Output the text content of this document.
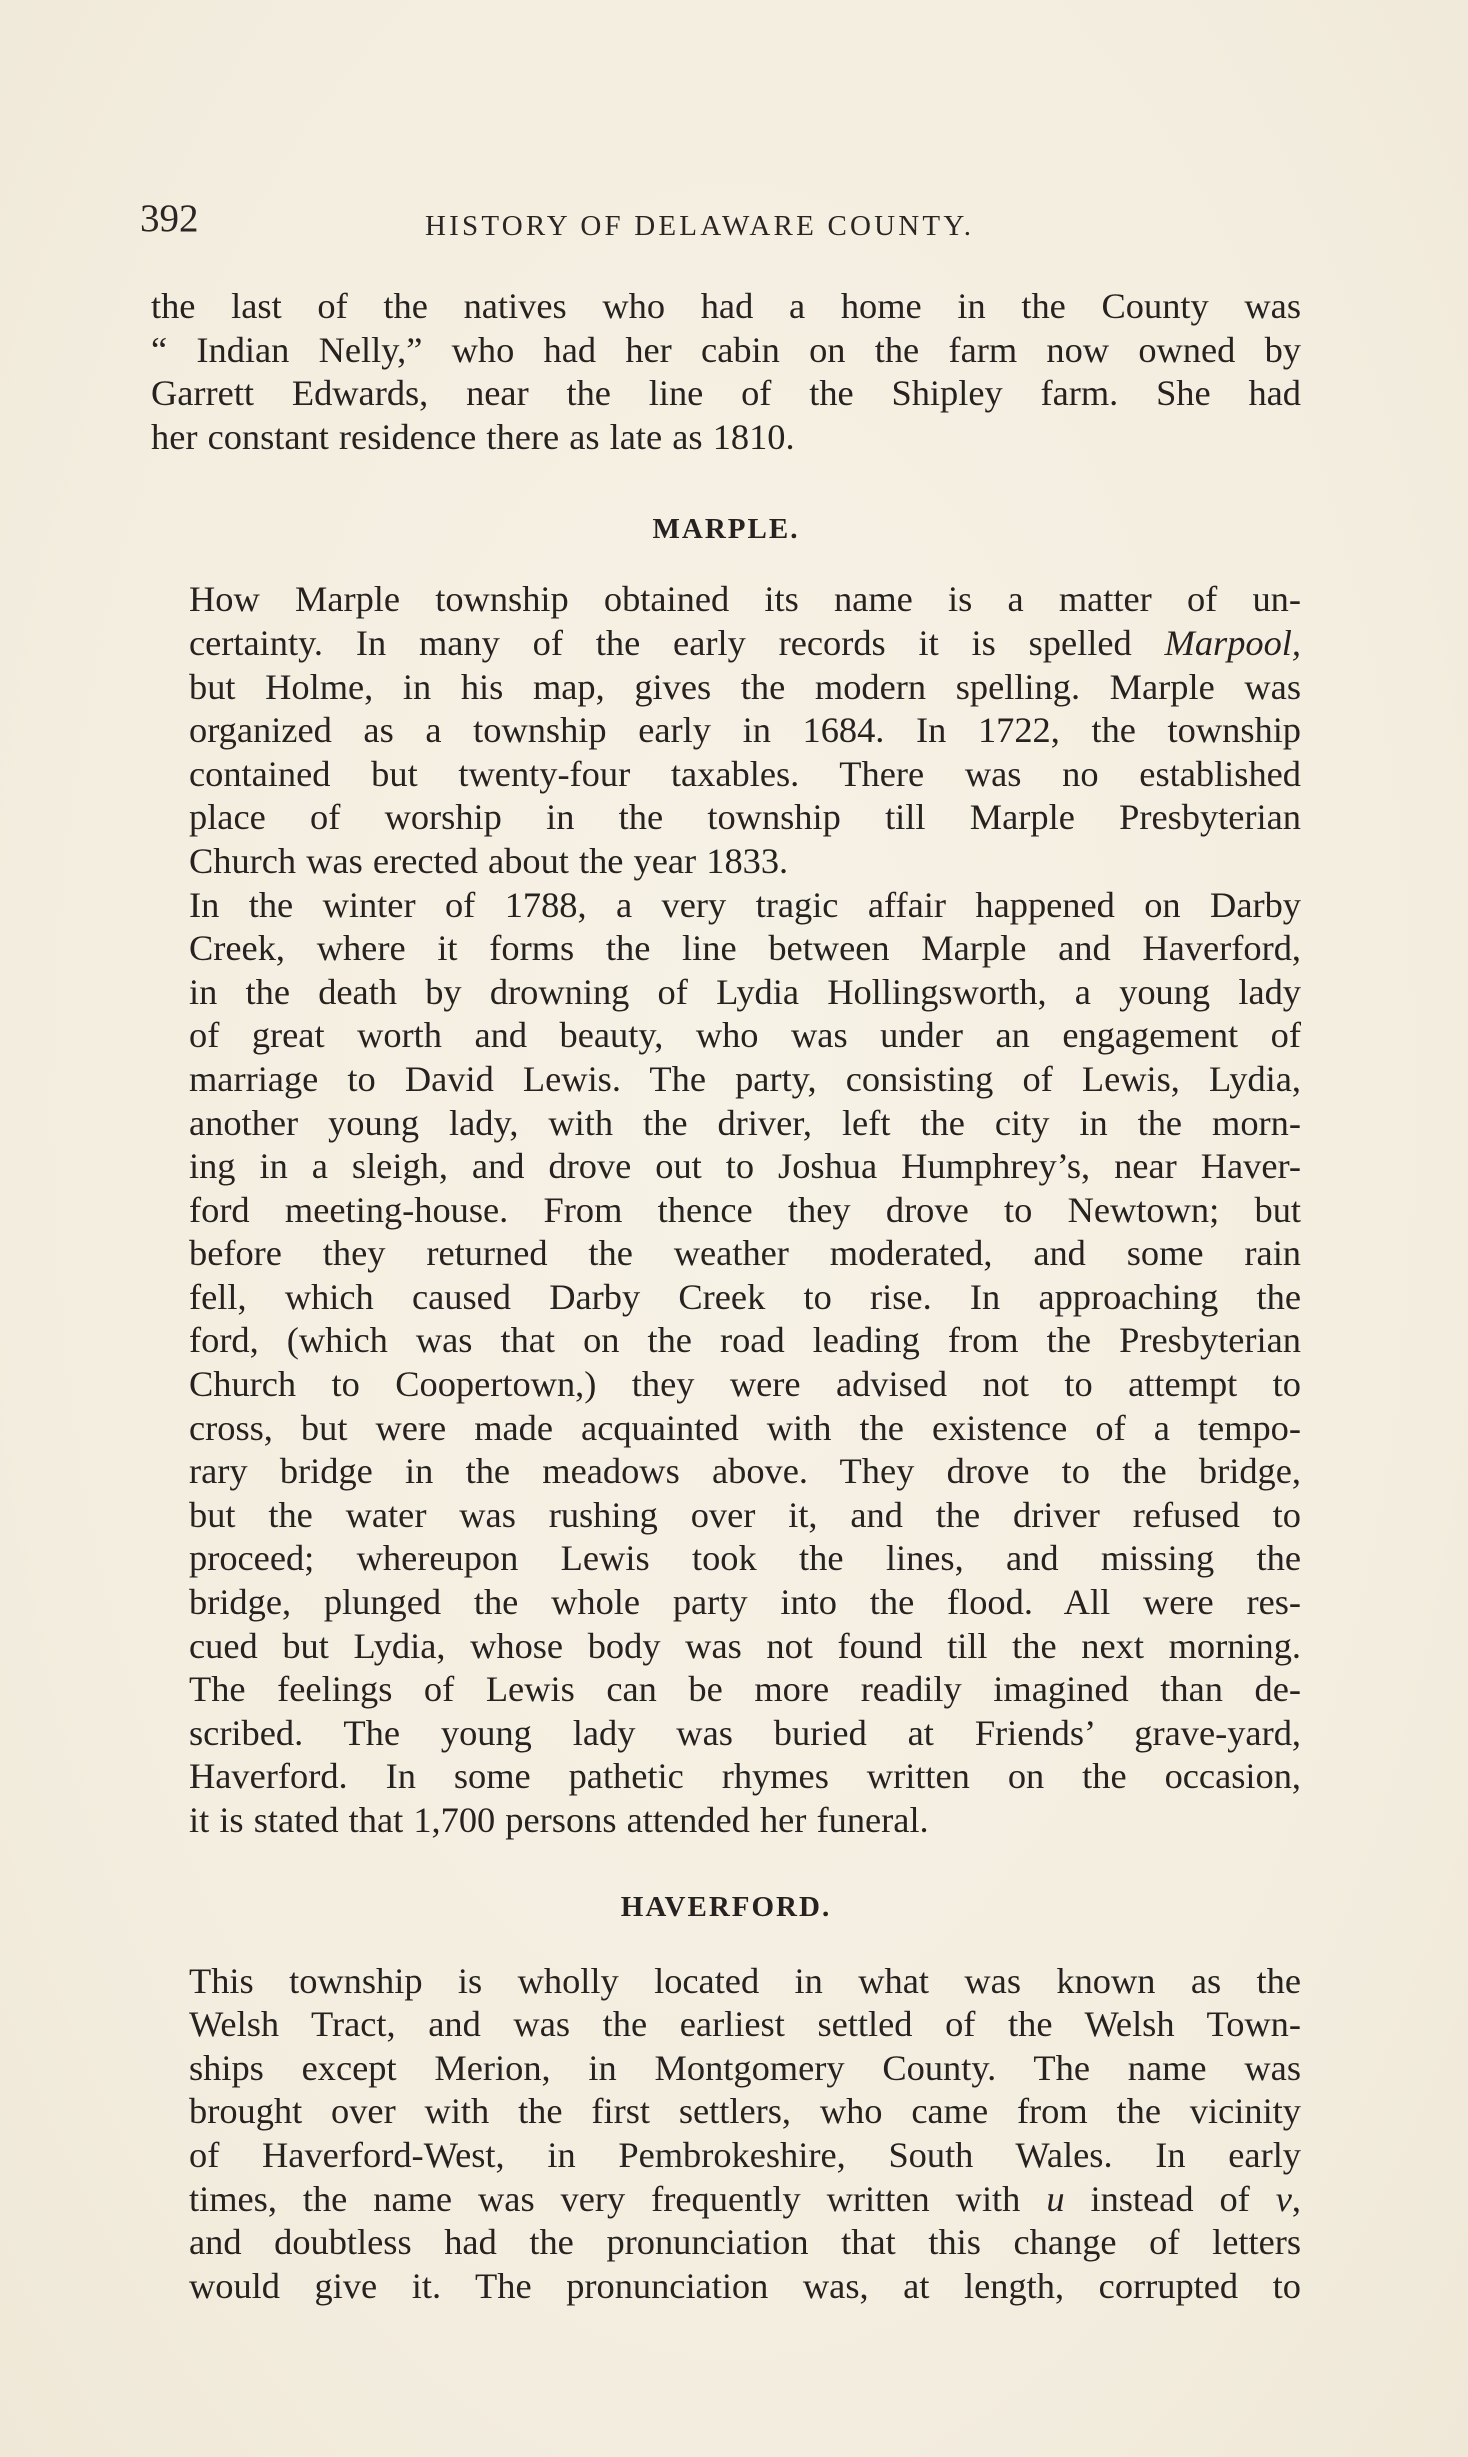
392	HISTORY OF DELAWARE COUNTY.

the last of the natives who had a home in the County was
“ Indian Nelly,” who had her cabin on the farm now owned by
Garrett Edwards, near the line of the Shipley farm. She had
her constant residence there as late as 1810.

MARPLE.

How Marple township obtained its name is a matter of un-
certainty. In many of the early records it is spelled Marpool,
but Holme, in his map, gives the modern spelling. Marple was
organized as a township early in 1684. In 1722, the township
contained but twenty-four taxables. There was no established
place of worship in the township till Marple Presbyterian
Church was erected about the year 1833.

In the winter of 1788, a very tragic affair happened on Darby
Creek, where it forms the line between Marple and Haverford,
in the death by drowning of Lydia Hollingsworth, a young lady
of great worth and beauty, who was under an engagement of
marriage to David Lewis. The party, consisting of Lewis, Lydia,
another young lady, with the driver, left the city in the morn-
ing in a sleigh, and drove out to Joshua Humphrey’s, near Haver-
ford meeting-house. From thence they drove to Newtown; but
before they returned the weather moderated, and some rain
fell, which caused Darby Creek to rise. In approaching the
ford, (which was that on the road leading from the Presbyterian
Church to Coopertown,) they were advised not to attempt to
cross, but were made acquainted with the existence of a tempo-
rary bridge in the meadows above. They drove to the bridge,
but the water was rushing over it, and the driver refused to
proceed; whereupon Lewis took the lines, and missing the
bridge, plunged the whole party into the flood. All were res-
cued but Lydia, whose body was not found till the next morning.
The feelings of Lewis can be more readily imagined than de-
scribed. The young lady was buried at Friends’ grave-yard,
Haverford. In some pathetic rhymes written on the occasion,
it is stated that 1,700 persons attended her funeral.

HAVERFORD.

This township is wholly located in what was known as the
Welsh Tract, and was the earliest settled of the Welsh Town-
ships except Merion, in Montgomery County. The name was
brought over with the first settlers, who came from the vicinity
of Haverford-West, in Pembrokeshire, South Wales. In early
times, the name was very frequently written with u instead of v,
and doubtless had the pronunciation that this change of letters
would give it. The pronunciation was, at length, corrupted to
